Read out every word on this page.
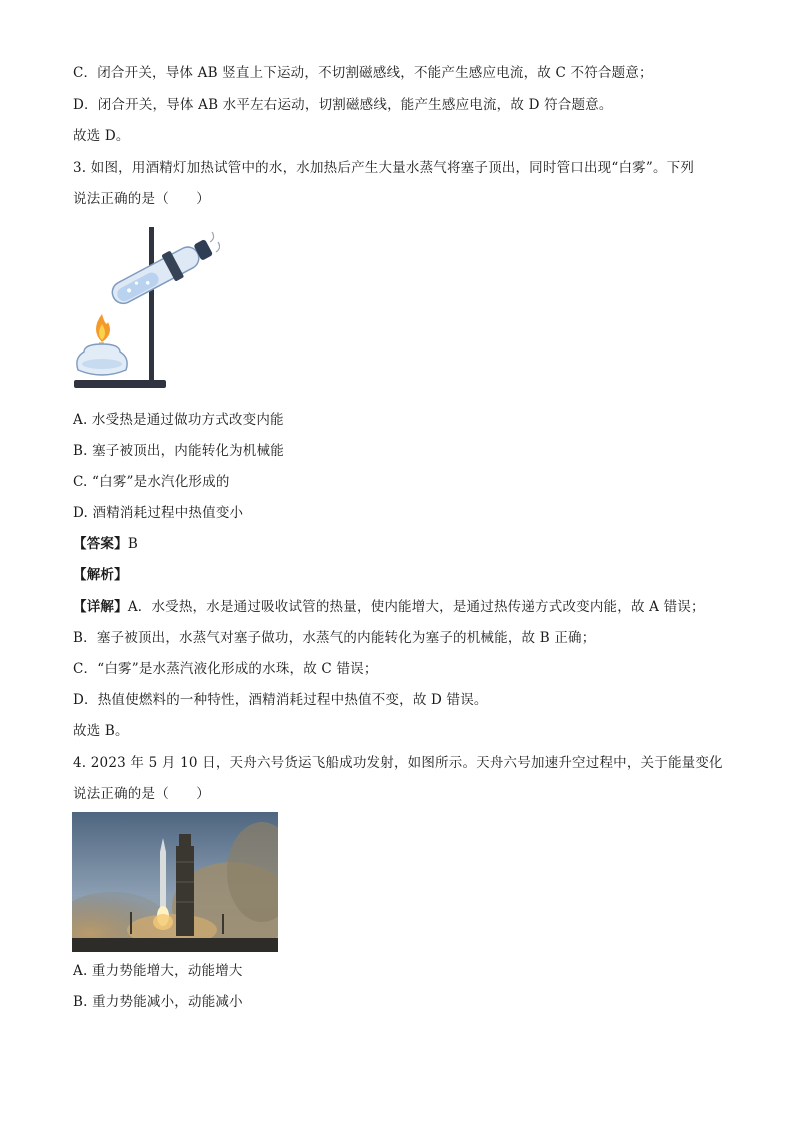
C．闭合开关，导体 AB 竖直上下运动，不切割磁感线，不能产生感应电流，故 C 不符合题意；
D．闭合开关，导体 AB 水平左右运动，切割磁感线，能产生感应电流，故 D 符合题意。
故选 D。
3. 如图，用酒精灯加热试管中的水，水加热后产生大量水蒸气将塞子顶出，同时管口出现“白雾”。下列
说法正确的是（　　）
A. 水受热是通过做功方式改变内能
B. 塞子被顶出，内能转化为机械能
C. “白雾”是水汽化形成的
D. 酒精消耗过程中热值变小
【答案】B
【解析】
【详解】A．水受热，水是通过吸收试管的热量，使内能增大，是通过热传递方式改变内能，故 A 错误；
B．塞子被顶出，水蒸气对塞子做功，水蒸气的内能转化为塞子的机械能，故 B 正确；
C．“白雾”是水蒸汽液化形成的水珠，故 C 错误；
D．热值使燃料的一种特性，酒精消耗过程中热值不变，故 D 错误。
故选 B。
4. 2023 年 5 月 10 日，天舟六号货运飞船成功发射，如图所示。天舟六号加速升空过程中，关于能量变化
说法正确的是（　　）
A. 重力势能增大，动能增大
B. 重力势能减小，动能减小
